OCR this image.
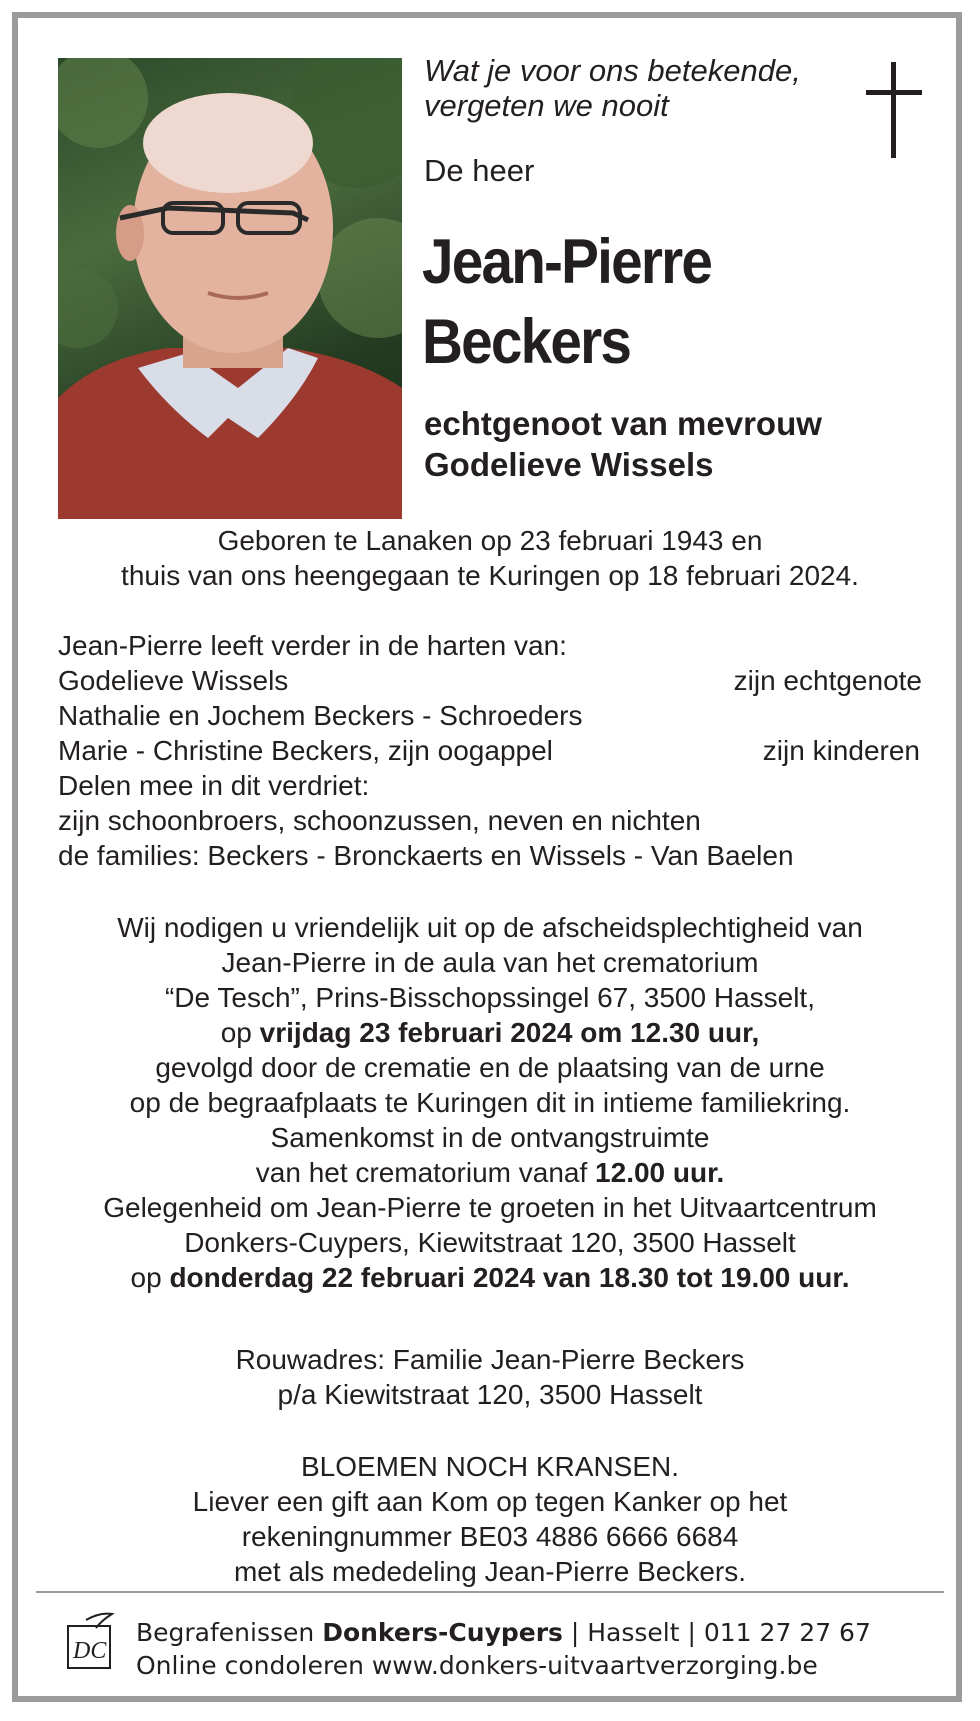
Wat je voor ons betekende,
vergeten we nooit
De heer
Jean-Pierre
Beckers
echtgenoot van mevrouw
Godelieve Wissels
Geboren te Lanaken op 23 februari 1943 en
thuis van ons heengegaan te Kuringen op 18 februari 2024.
Jean-Pierre leeft verder in de harten van:
Godelieve Wissels	zijn echtgenote
Nathalie en Jochem Beckers - Schroeders
Marie - Christine Beckers, zijn oogappel	zijn kinderen
Delen mee in dit verdriet:
zijn schoonbroers, schoonzussen, neven en nichten
de families: Beckers - Bronckaerts en Wissels - Van Baelen
Wij nodigen u vriendelijk uit op de afscheidsplechtigheid van
Jean-Pierre in de aula van het crematorium
“De Tesch”, Prins-Bisschopssingel 67, 3500 Hasselt,
op vrijdag 23 februari 2024 om 12.30 uur,
gevolgd door de crematie en de plaatsing van de urne
op de begraafplaats te Kuringen dit in intieme familiekring.
Samenkomst in de ontvangstruimte
van het crematorium vanaf 12.00 uur.
Gelegenheid om Jean-Pierre te groeten in het Uitvaartcentrum
Donkers-Cuypers, Kiewitstraat 120, 3500 Hasselt
op donderdag 22 februari 2024 van 18.30 tot 19.00 uur.
Rouwadres: Familie Jean-Pierre Beckers
p/a Kiewitstraat 120, 3500 Hasselt
BLOEMEN NOCH KRANSEN.
Liever een gift aan Kom op tegen Kanker op het
rekeningnummer BE03 4886 6666 6684
met als mededeling Jean-Pierre Beckers.
DC
Begrafenissen Donkers-Cuypers | Hasselt | 011 27 27 67
Online condoleren www.donkers-uitvaartverzorging.be
